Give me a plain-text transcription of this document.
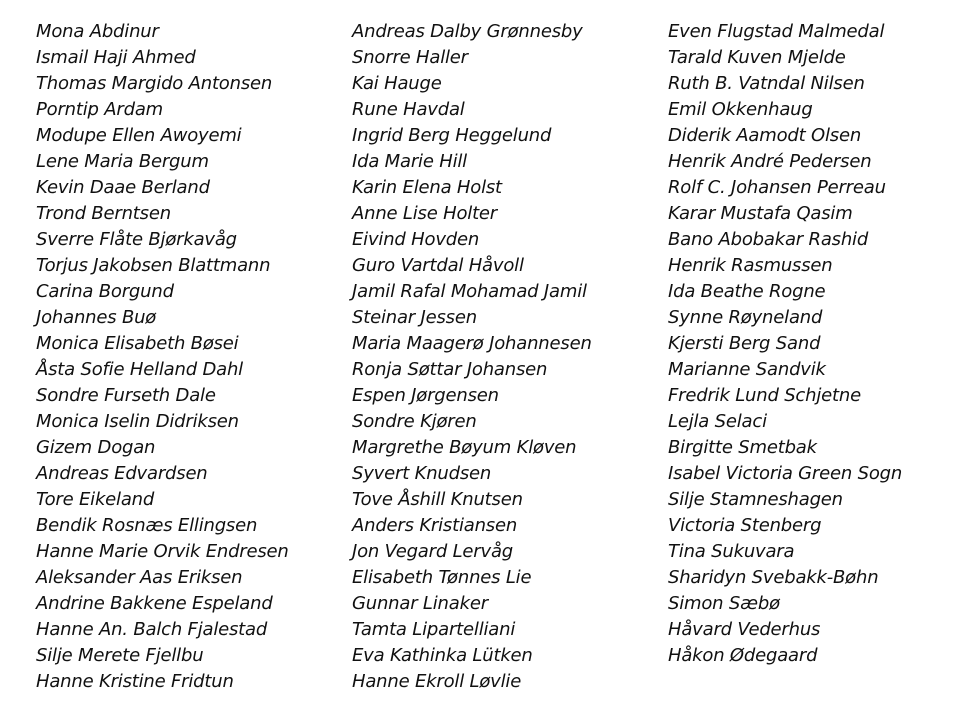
Mona Abdinur
Ismail Haji Ahmed
Thomas Margido Antonsen
Porntip Ardam
Modupe Ellen Awoyemi
Lene Maria Bergum
Kevin Daae Berland
Trond Berntsen
Sverre Flåte Bjørkavåg
Torjus Jakobsen Blattmann
Carina Borgund
Johannes Buø
Monica Elisabeth Bøsei
Åsta Sofie Helland Dahl
Sondre Furseth Dale
Monica Iselin Didriksen
Gizem Dogan
Andreas Edvardsen
Tore Eikeland
Bendik Rosnæs Ellingsen
Hanne Marie Orvik Endresen
Aleksander Aas Eriksen
Andrine Bakkene Espeland
Hanne An. Balch Fjalestad
Silje Merete Fjellbu
Hanne Kristine Fridtun
Andreas Dalby Grønnesby
Snorre Haller
Kai Hauge
Rune Havdal
Ingrid Berg Heggelund
Ida Marie Hill
Karin Elena Holst
Anne Lise Holter
Eivind Hovden
Guro Vartdal Håvoll
Jamil Rafal Mohamad Jamil
Steinar Jessen
Maria Maagerø Johannesen
Ronja Søttar Johansen
Espen Jørgensen
Sondre Kjøren
Margrethe Bøyum Kløven
Syvert Knudsen
Tove Åshill Knutsen
Anders Kristiansen
Jon Vegard Lervåg
Elisabeth Tønnes Lie
Gunnar Linaker
Tamta Lipartelliani
Eva Kathinka Lütken
Hanne Ekroll Løvlie
Even Flugstad Malmedal
Tarald Kuven Mjelde
Ruth B. Vatndal Nilsen
Emil Okkenhaug
Diderik Aamodt Olsen
Henrik André Pedersen
Rolf C. Johansen Perreau
Karar Mustafa Qasim
Bano Abobakar Rashid
Henrik Rasmussen
Ida Beathe Rogne
Synne Røyneland
Kjersti Berg Sand
Marianne Sandvik
Fredrik Lund Schjetne
Lejla Selaci
Birgitte Smetbak
Isabel Victoria Green Sogn
Silje Stamneshagen
Victoria Stenberg
Tina Sukuvara
Sharidyn Svebakk-Bøhn
Simon Sæbø
Håvard Vederhus
Håkon Ødegaard
